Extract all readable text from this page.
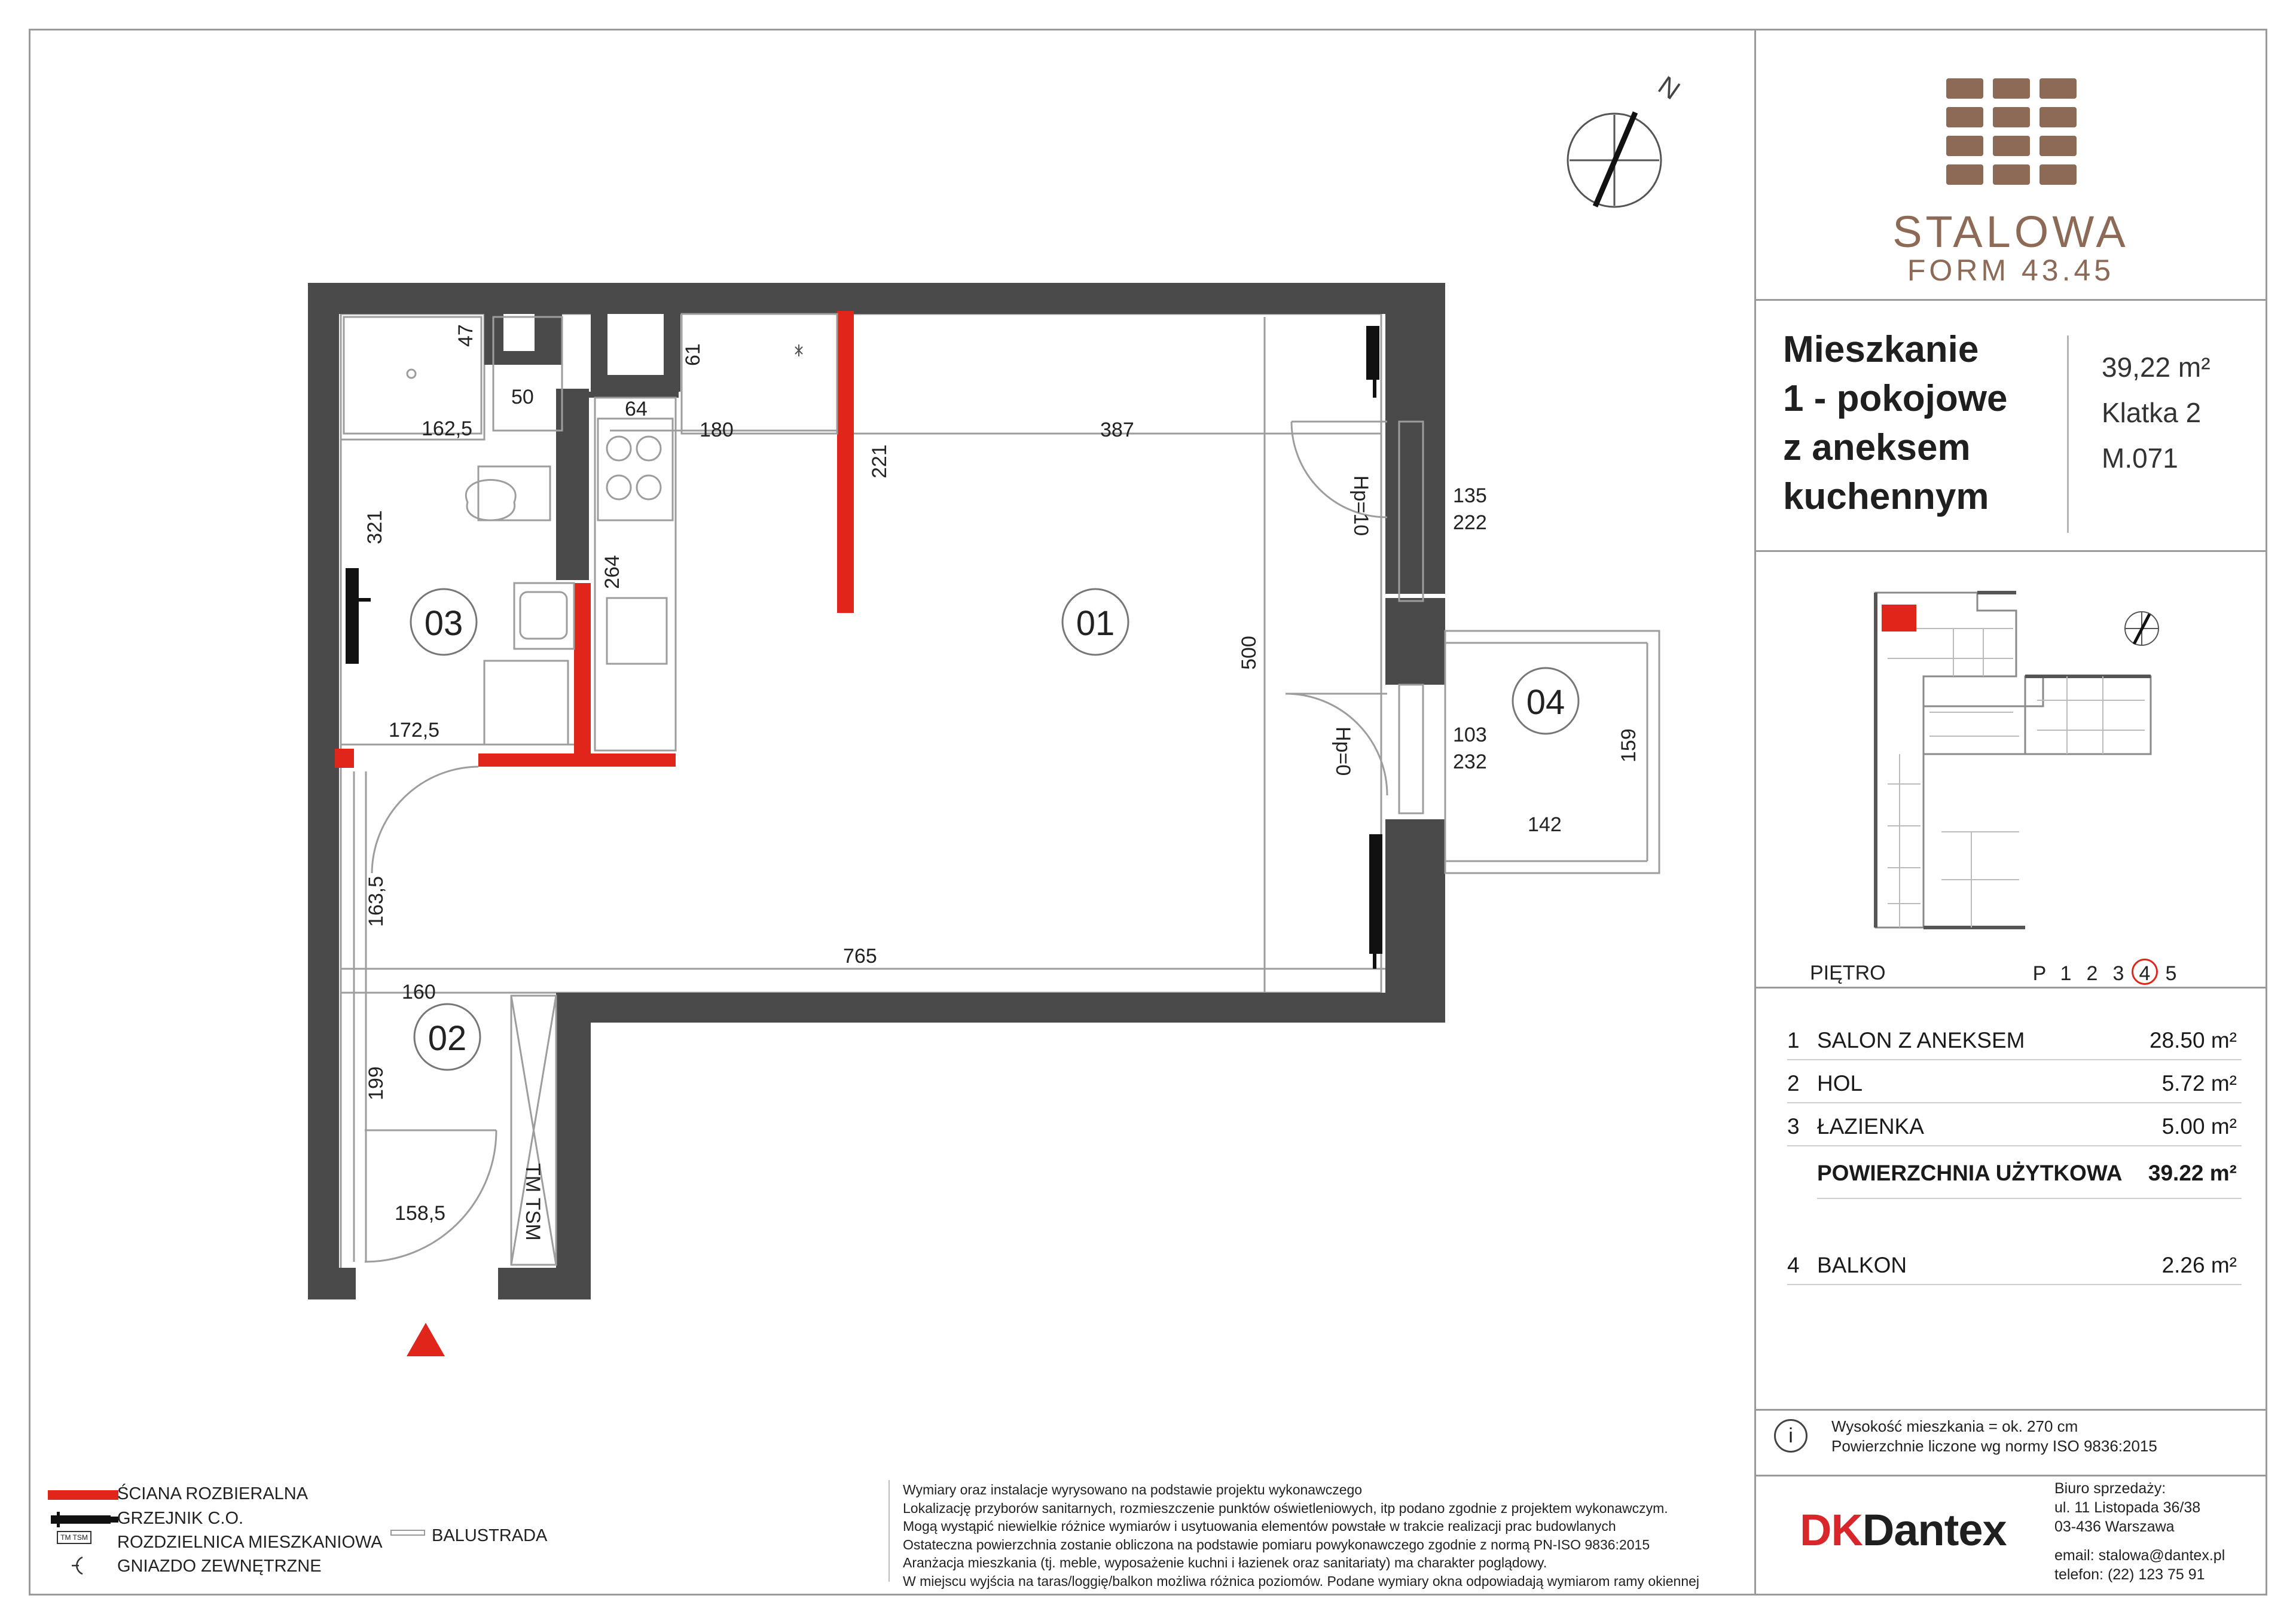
N
03	01
04
02
47
50
162,5
61
64
180	387
221
321
264
172,5
500
135
222
103
232	159
142
163,5
765
160
199
158,5
Hp=10
Hp=0
TM TSM
STALOWA
FORM 43.45
Mieszkanie
1 - pokojowe
z aneksem
kuchennym
39,22 m²
Klatka 2
M.071
PIĘTRO	P 1 2 3 4 5
1 SALON Z ANEKSEM	28.50 m²
2 HOL	5.72 m²
3 ŁAZIENKA	5.00 m²
POWIERZCHNIA UŻYTKOWA 39.22 m²
4 BALKON	2.26 m²
i	Wysokość mieszkania = ok. 270 cm
Powierzchnie liczone wg normy ISO 9836:2015
ŚCIANA ROZBIERALNA
GRZEJNIK C.O.
TM TSM ROZDZIELNICA MIESZKANIOWA
GNIAZDO ZEWNĘTRZNE
BALUSTRADA
Wymiary oraz instalacje wyrysowano na podstawie projektu wykonawczego
Lokalizację przyborów sanitarnych, rozmieszczenie punktów oświetleniowych, itp podano zgodnie z projektem wykonawczym.
Mogą wystąpić niewielkie różnice wymiarów i usytuowania elementów powstałe w trakcie realizacji prac budowlanych
Ostateczna powierzchnia zostanie obliczona na podstawie pomiaru powykonawczego zgodnie z normą PN-ISO 9836:2015
Aranżacja mieszkania (tj. meble, wyposażenie kuchni i łazienek oraz sanitariaty) ma charakter poglądowy.
W miejscu wyjścia na taras/loggię/balkon możliwa różnica poziomów. Podane wymiary okna odpowiadają wymiarom ramy okiennej
DKDantex
Biuro sprzedaży:
ul. 11 Listopada 36/38
03-436 Warszawa
email: stalowa@dantex.pl
telefon: (22) 123 75 91
